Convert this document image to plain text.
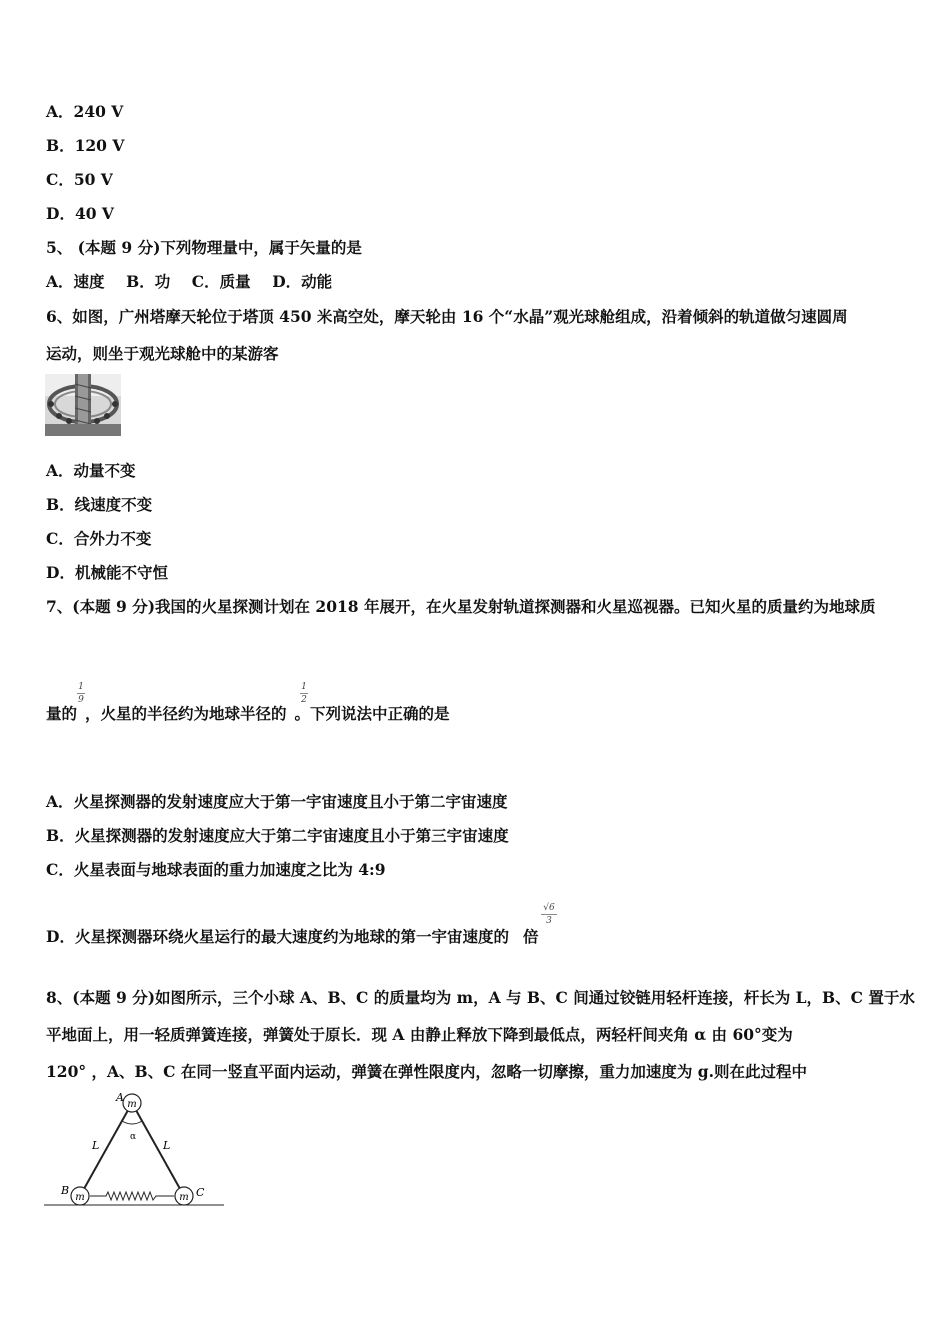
A．240 V
B．120 V
C．50 V
D．40 V
5、 (本题 9 分)下列物理量中，属于矢量的是
A．速度    B．功    C．质量    D．动能
6、如图，广州塔摩天轮位于塔顶 450 米高空处，摩天轮由 16 个“水晶”观光球舱组成，沿着倾斜的轨道做匀速圆周
运动，则坐于观光球舱中的某游客
A．动量不变
B．线速度不变
C．合外力不变
D．机械能不守恒
7、(本题 9 分)我国的火星探测计划在 2018 年展开，在火星发射轨道探测器和火星巡视器。已知火星的质量约为地球质
量的 ，火星的半径约为地球半径的 。下列说法中正确的是
1
9
1
2
A．火星探测器的发射速度应大于第一宇宙速度且小于第二宇宙速度
B．火星探测器的发射速度应大于第二宇宙速度且小于第三宇宙速度
C．火星表面与地球表面的重力加速度之比为 4:9
D．火星探测器环绕火星运行的最大速度约为地球的第一宇宙速度的 倍
√6
3
8、(本题 9 分)如图所示，三个小球 A、B、C 的质量均为 m，A 与 B、C 间通过铰链用轻杆连接，杆长为 L，B、C 置于水
平地面上，用一轻质弹簧连接，弹簧处于原长．现 A 由静止释放下降到最低点，两轻杆间夹角 α 由 60°变为
120° ，A、B、C 在同一竖直平面内运动，弹簧在弹性限度内，忽略一切摩擦，重力加速度为 g.则在此过程中
m
m	m
A
B	C
L	L
α
